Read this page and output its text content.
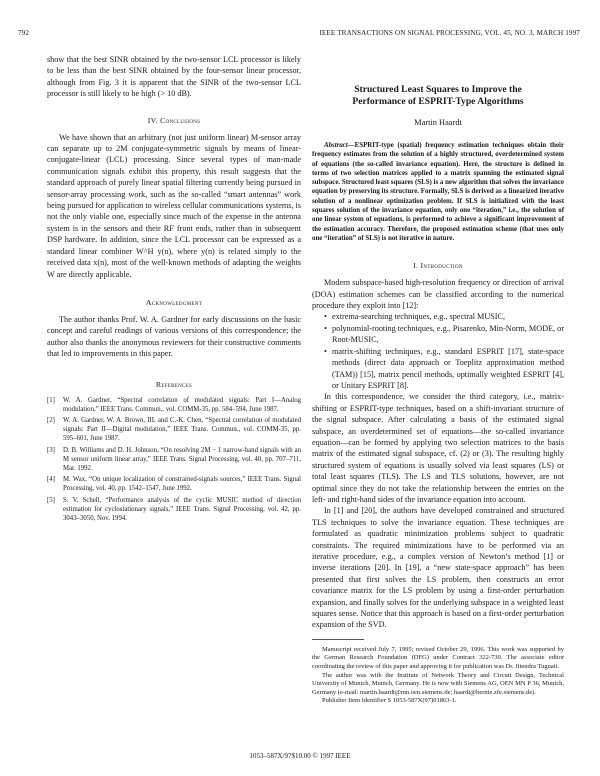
792	IEEE TRANSACTIONS ON SIGNAL PROCESSING, VOL. 45, NO. 3, MARCH 1997

show that the best SINR obtained by the two-sensor LCL processor is likely to be less than the best SINR obtained by the four-sensor linear processor, although from Fig. 3 it is apparent that the SINR of the two-sensor LCL processor is still likely to be high (> 10 dB).

IV. Conclusions

We have shown that an arbitrary (not just uniform linear) M-sensor array can separate up to 2M conjugate-symmetric signals by means of linear-conjugate-linear (LCL) processing. Since several types of man-made communication signals exhibit this property, this result suggests that the standard approach of purely linear spatial filtering currently being pursued in sensor-array processing work, such as the so-called “smart antennas” work being pursued for application to wireless cellular communications systems, is not the only viable one, especially since much of the expense in the antenna system is in the sensors and their RF front ends, rather than in subsequent DSP hardware. In addition, since the LCL processor can be expressed as a standard linear combiner W^H y(n), where y(n) is related simply to the received data x(n), most of the well-known methods of adapting the weights W are directly applicable.

Acknowledgment

The author thanks Prof. W. A. Gardner for early discussions on the basic concept and careful readings of various versions of this correspondence; the author also thanks the anonymous reviewers for their constructive comments that led to improvements in this paper.

References
[1] W. A. Gardner, “Spectral correlation of modulated signals: Part I—Analog modulation,” IEEE Trans. Commun., vol. COMM-35, pp. 584–594, June 1987.
[2] W. A. Gardner, W. A. Brown, III, and C.-K. Chen, “Spectral correlation of modulated signals: Part II—Digital modulation,” IEEE Trans. Commun., vol. COMM-35, pp. 595–601, June 1987.
[3] D. B. Williams and D. H. Johnson, “On resolving 2M − 1 narrow-band signals with an M sensor uniform linear array,” IEEE Trans. Signal Processing, vol. 40, pp. 707–711, Mar. 1992.
[4] M. Wax, “On unique localization of constrained-signals sources,” IEEE Trans. Signal Processing, vol. 40, pp. 1542–1547, June 1992.
[5] S. V. Schell, “Performance analysis of the cyclic MUSIC method of direction estimation for cyclostationary signals,” IEEE Trans. Signal Processing, vol. 42, pp. 3043–3050, Nov. 1994.
Structured Least Squares to Improve the
Performance of ESPRIT-Type Algorithms
Martin Haardt

Abstract—ESPRIT-type (spatial) frequency estimation techniques obtain their frequency estimates from the solution of a highly structured, overdetermined system of equations (the so-called invariance equation). Here, the structure is defined in terms of two selection matrices applied to a matrix spanning the estimated signal subspace. Structured least squares (SLS) is a new algorithm that solves the invariance equation by preserving its structure. Formally, SLS is derived as a linearized iterative solution of a nonlinear optimization problem. If SLS is initialized with the least squares solution of the invariance equation, only one “iteration,” i.e., the solution of one linear system of equations, is performed to achieve a significant improvement of the estimation accuracy. Therefore, the proposed estimation scheme (that uses only one “iteration” of SLS) is not iterative in nature.

I. Introduction

Modern subspace-based high-resolution frequency or direction of arrival (DOA) estimation schemes can be classified according to the numerical procedure they exploit into [12]:

• extrema-searching techniques, e.g., spectral MUSIC,
• polynomial-rooting techniques, e.g., Pisarenko, Min-Norm, MODE, or Root-MUSIC,
• matrix-shifting techniques, e.g., standard ESPRIT [17], state-space methods (direct data approach or Toeplitz approximation method (TAM)) [15], matrix pencil methods, optimally weighted ESPRIT [4], or Unitary ESPRIT [8].

In this correspondence, we consider the third category, i.e., matrix-shifting or ESPRIT-type techniques, based on a shift-invariant structure of the signal subspace. After calculating a basis of the estimated signal subspace, an overdetermined set of equations—the so-called invariance equation—can be formed by applying two selection matrices to the basis matrix of the estimated signal subspace, cf. (2) or (3). The resulting highly structured system of equations is usually solved via least squares (LS) or total least squares (TLS). The LS and TLS solutions, however, are not optimal since they do not take the relationship between the entries on the left- and right-hand sides of the invariance equation into account.

In [1] and [20], the authors have developed constrained and structured TLS techniques to solve the invariance equation. These techniques are formulated as quadratic minimization problems subject to quadratic constraints. The required minimizations have to be performed via an iterative procedure, e.g., a complex version of Newton’s method [1] or inverse iterations [20]. In [19], a “new state-space approach” has been presented that first solves the LS problem, then constructs an error covariance matrix for the LS problem by using a first-order perturbation expansion, and finally solves for the underlying subspace in a weighted least squares sense. Notice that this approach is based on a first-order perturbation expansion of the SVD.

Manuscript received July 7, 1995; revised October 29, 1996. This work was supported by the German Research Foundation (DFG) under Contract 322-730. The associate editor coordinating the review of this paper and approving it for publication was Dr. Jitendra Tugnait.

The author was with the Institute of Network Theory and Circuit Design, Technical University of Munich, Munich, Germany. He is now with Siemens AG, OEN MN P 36, Munich, Germany (e-mail: martin.haardt@mn.oen.siemens.de; haardt@bernie.zfe.siemens.de).

Publisher Item Identifier S 1053-587X(97)01863-1.

1053–587X/97$10.00 © 1997 IEEE
